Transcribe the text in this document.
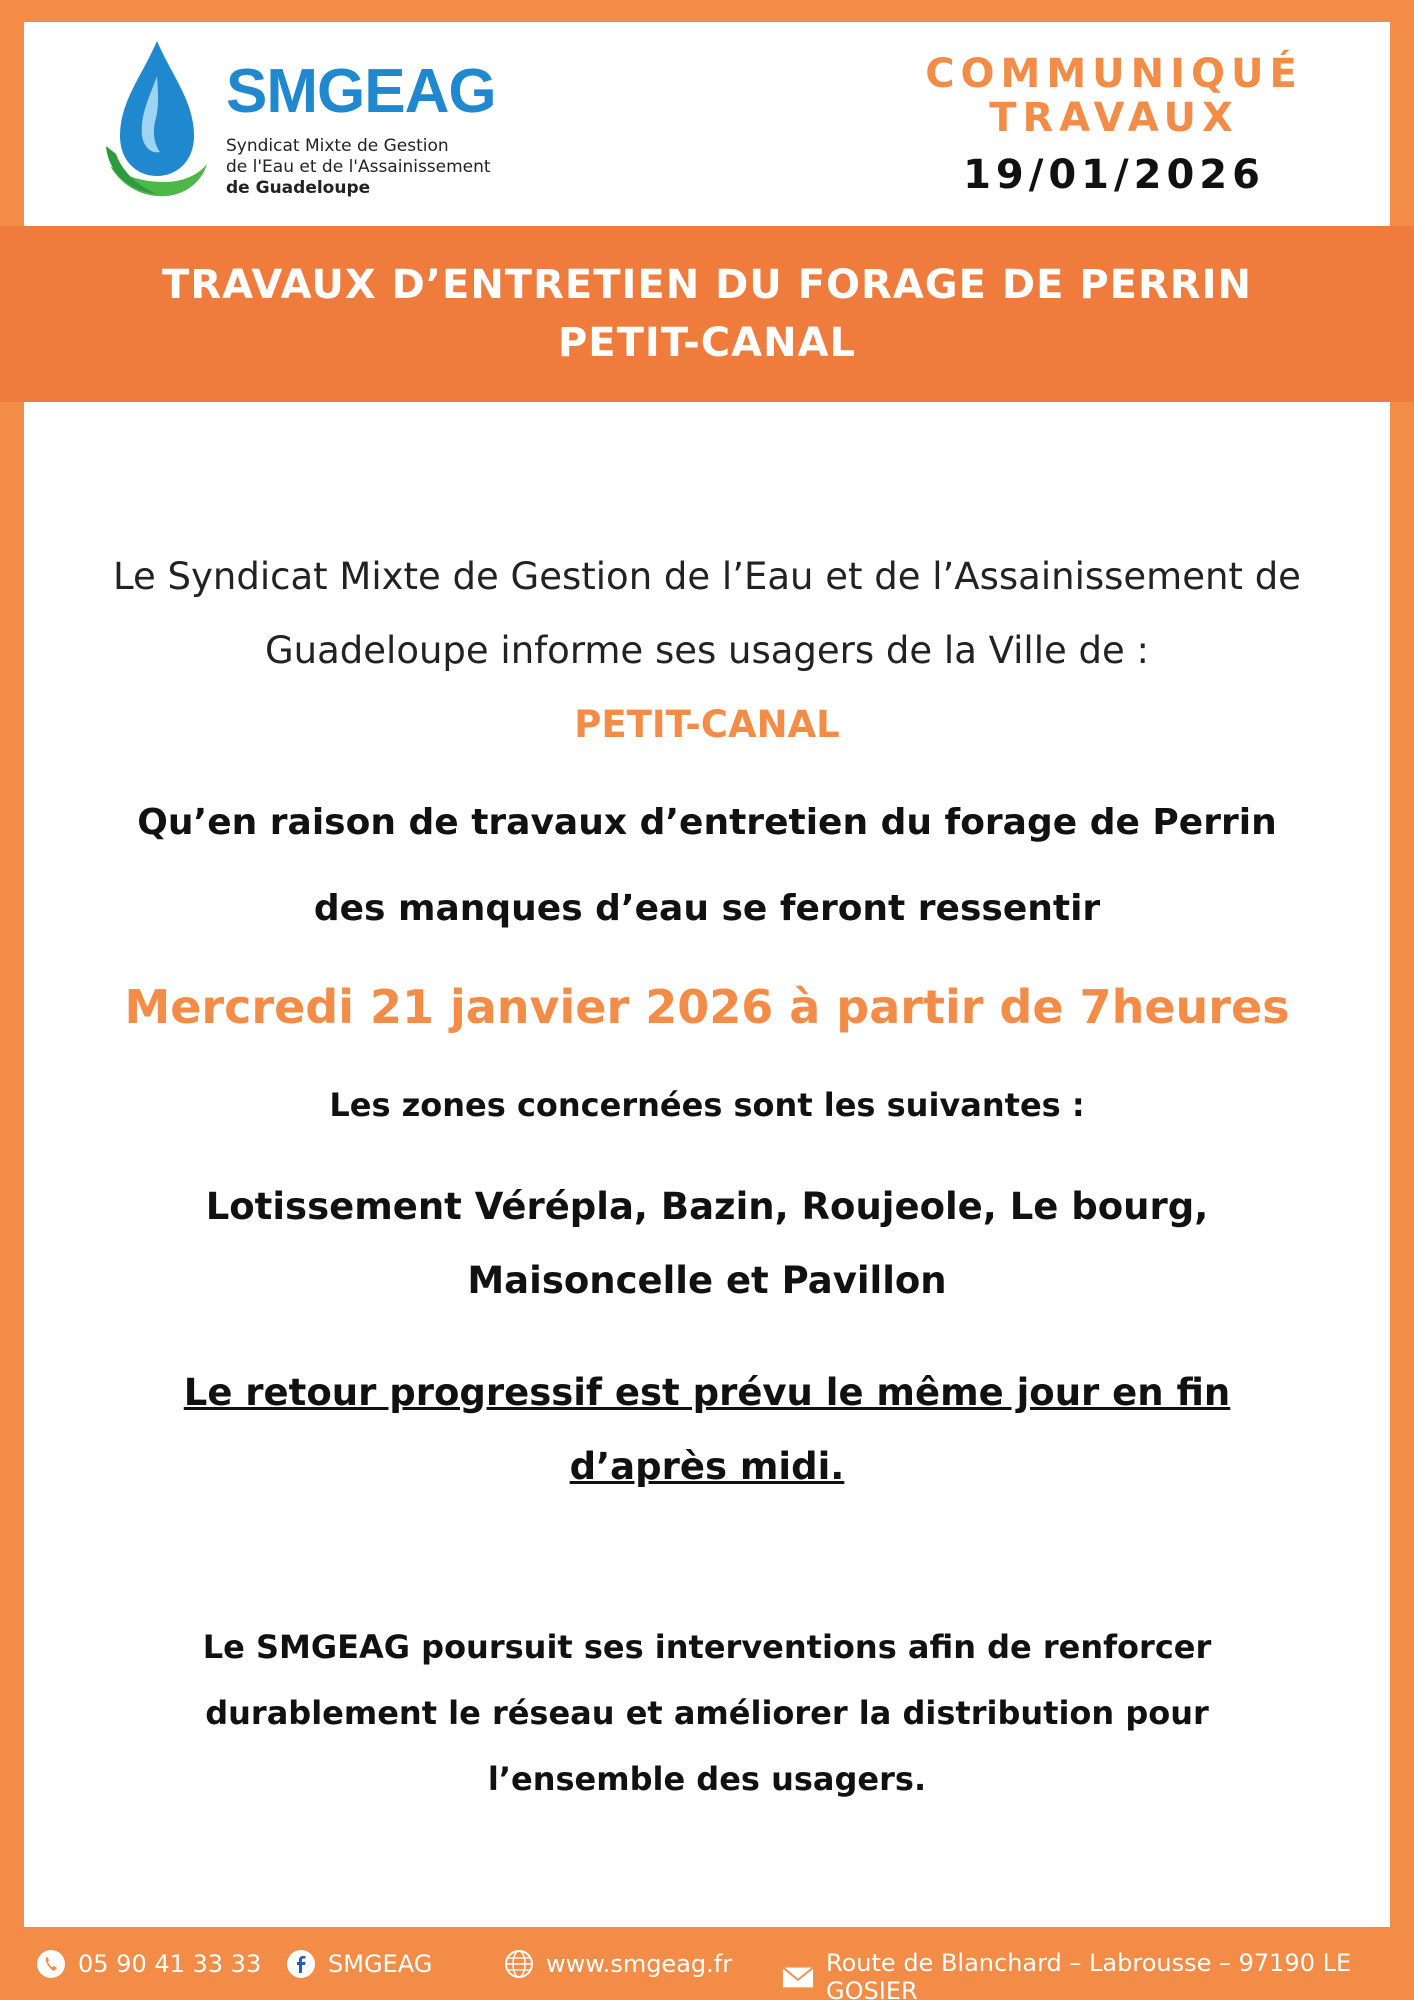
SMGEAG
Syndicat Mixte de Gestion
de l'Eau et de l'Assainissement
de Guadeloupe
COMMUNIQUÉ
TRAVAUX
19/01/2026
TRAVAUX D’ENTRETIEN DU FORAGE DE PERRIN
PETIT-CANAL
Le Syndicat Mixte de Gestion de l’Eau et de l’Assainissement de
Guadeloupe informe ses usagers de la Ville de :
PETIT-CANAL
Qu’en raison de travaux d’entretien du forage de Perrin
des manques d’eau se feront ressentir
Mercredi 21 janvier 2026 à partir de 7heures
Les zones concernées sont les suivantes :
Lotissement Vérépla, Bazin, Roujeole, Le bourg,
Maisoncelle et Pavillon
Le retour progressif est prévu le même jour en fin
d’après midi.
Le SMGEAG poursuit ses interventions afin de renforcer
durablement le réseau et améliorer la distribution pour
l’ensemble des usagers.
05 90 41 33 33	SMGEAG	www.smgeag.fr	Route de Blanchard – Labrousse – 97190 LE GOSIER
